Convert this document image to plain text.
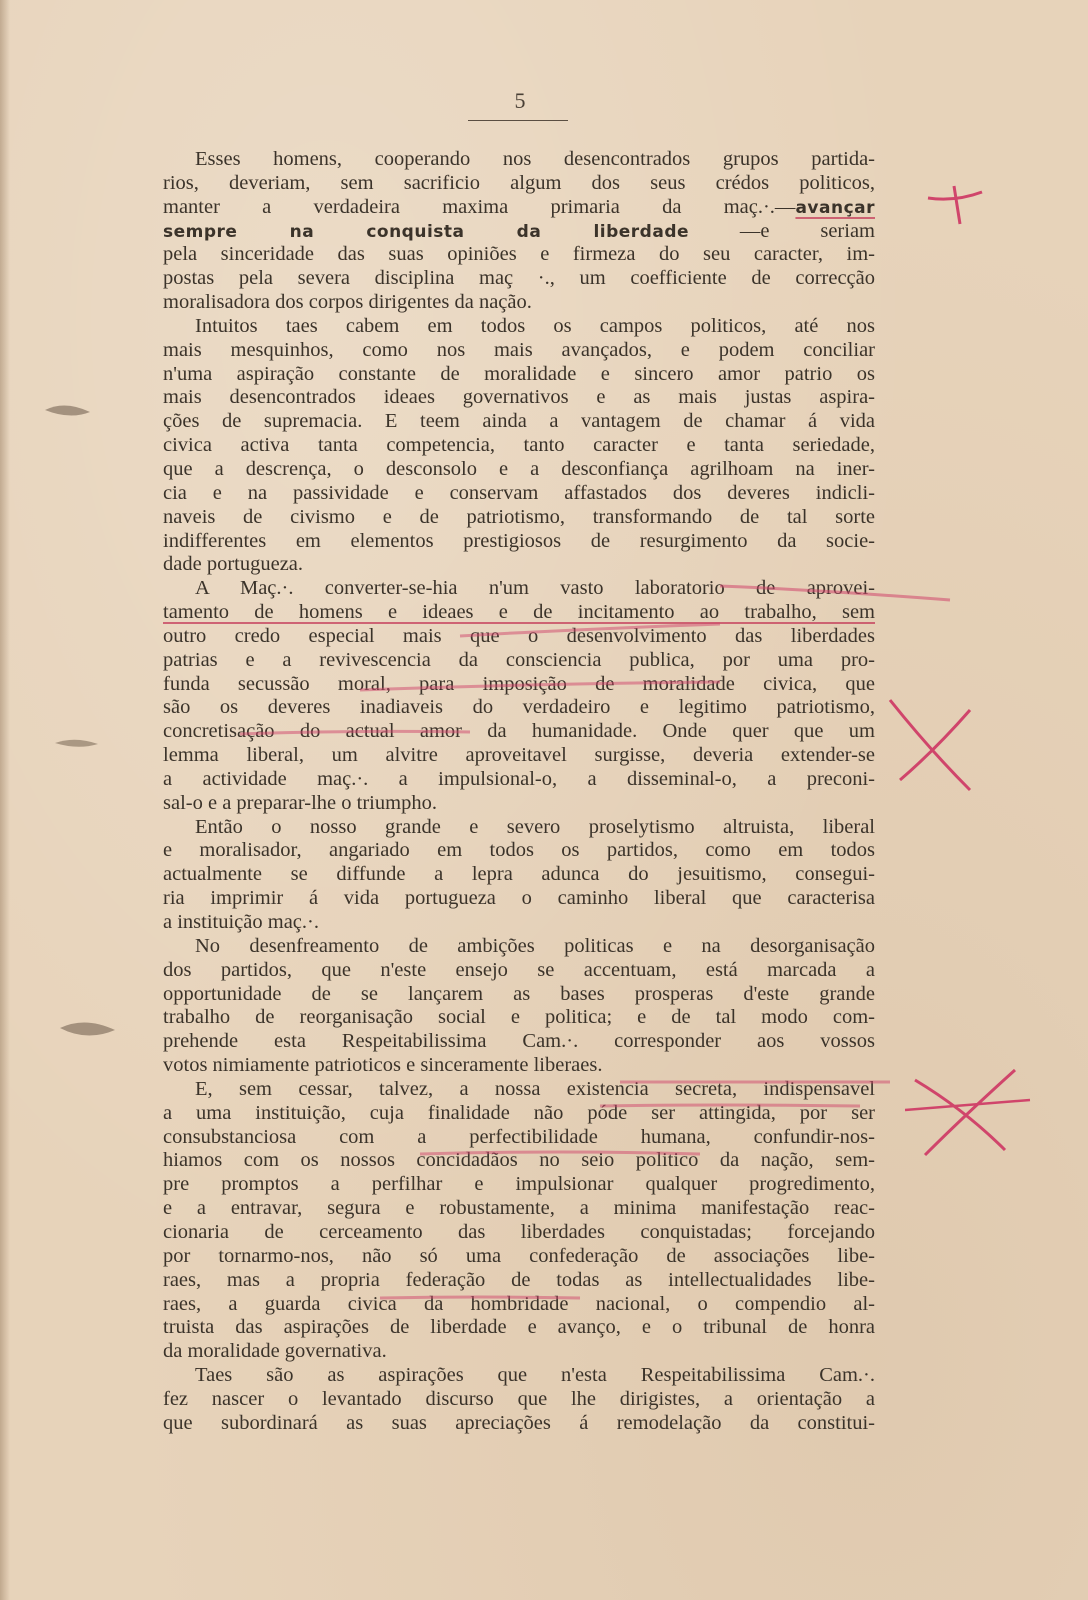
5
Esses homens, cooperando nos desencontrados grupos partida-
rios, deveriam, sem sacrificio algum dos seus crédos politicos,
manter a verdadeira maxima primaria da maç.·.—avançar
sempre na conquista da liberdade —e seriam
pela sinceridade das suas opiniões e firmeza do seu caracter, im-
postas pela severa disciplina maç ·., um coefficiente de correcção
moralisadora dos corpos dirigentes da nação.
Intuitos taes cabem em todos os campos politicos, até nos
mais mesquinhos, como nos mais avançados, e podem conciliar
n'uma aspiração constante de moralidade e sincero amor patrio os
mais desencontrados ideaes governativos e as mais justas aspira-
ções de supremacia. E teem ainda a vantagem de chamar á vida
civica activa tanta competencia, tanto caracter e tanta seriedade,
que a descrença, o desconsolo e a desconfiança agrilhoam na iner-
cia e na passividade e conservam affastados dos deveres indicli-
naveis de civismo e de patriotismo, transformando de tal sorte
indifferentes em elementos prestigiosos de resurgimento da socie-
dade portugueza.
A Maç.·. converter-se-hia n'um vasto laboratorio de aprovei-
tamento de homens e ideaes e de incitamento ao trabalho, sem
outro credo especial mais que o desenvolvimento das liberdades
patrias e a revivescencia da consciencia publica, por uma pro-
funda secussão moral, para imposição de moralidade civica, que
são os deveres inadiaveis do verdadeiro e legitimo patriotismo,
concretisação do actual amor da humanidade. Onde quer que um
lemma liberal, um alvitre aproveitavel surgisse, deveria extender-se
a actividade maç.·. a impulsional-o, a disseminal-o, a preconi-
sal-o e a preparar-lhe o triumpho.
Então o nosso grande e severo proselytismo altruista, liberal
e moralisador, angariado em todos os partidos, como em todos
actualmente se diffunde a lepra adunca do jesuitismo, consegui-
ria imprimir á vida portugueza o caminho liberal que caracterisa
a instituição maç.·.
No desenfreamento de ambições politicas e na desorganisação
dos partidos, que n'este ensejo se accentuam, está marcada a
opportunidade de se lançarem as bases prosperas d'este grande
trabalho de reorganisação social e politica; e de tal modo com-
prehende esta Respeitabilissima Cam.·. corresponder aos vossos
votos nimiamente patrioticos e sinceramente liberaes.
E, sem cessar, talvez, a nossa existencia secreta, indispensavel
a uma instituição, cuja finalidade não póde ser attingida, por ser
consubstanciosa com a perfectibilidade humana, confundir-nos-
hiamos com os nossos concidadãos no seio politico da nação, sem-
pre promptos a perfilhar e impulsionar qualquer progredimento,
e a entravar, segura e robustamente, a minima manifestação reac-
cionaria de cerceamento das liberdades conquistadas; forcejando
por tornarmo-nos, não só uma confederação de associações libe-
raes, mas a propria federação de todas as intellectualidades libe-
raes, a guarda civica da hombridade nacional, o compendio al-
truista das aspirações de liberdade e avanço, e o tribunal de honra
da moralidade governativa.
Taes são as aspirações que n'esta Respeitabilissima Cam.·.
fez nascer o levantado discurso que lhe dirigistes, a orientação a
que subordinará as suas apreciações á remodelação da constitui-
